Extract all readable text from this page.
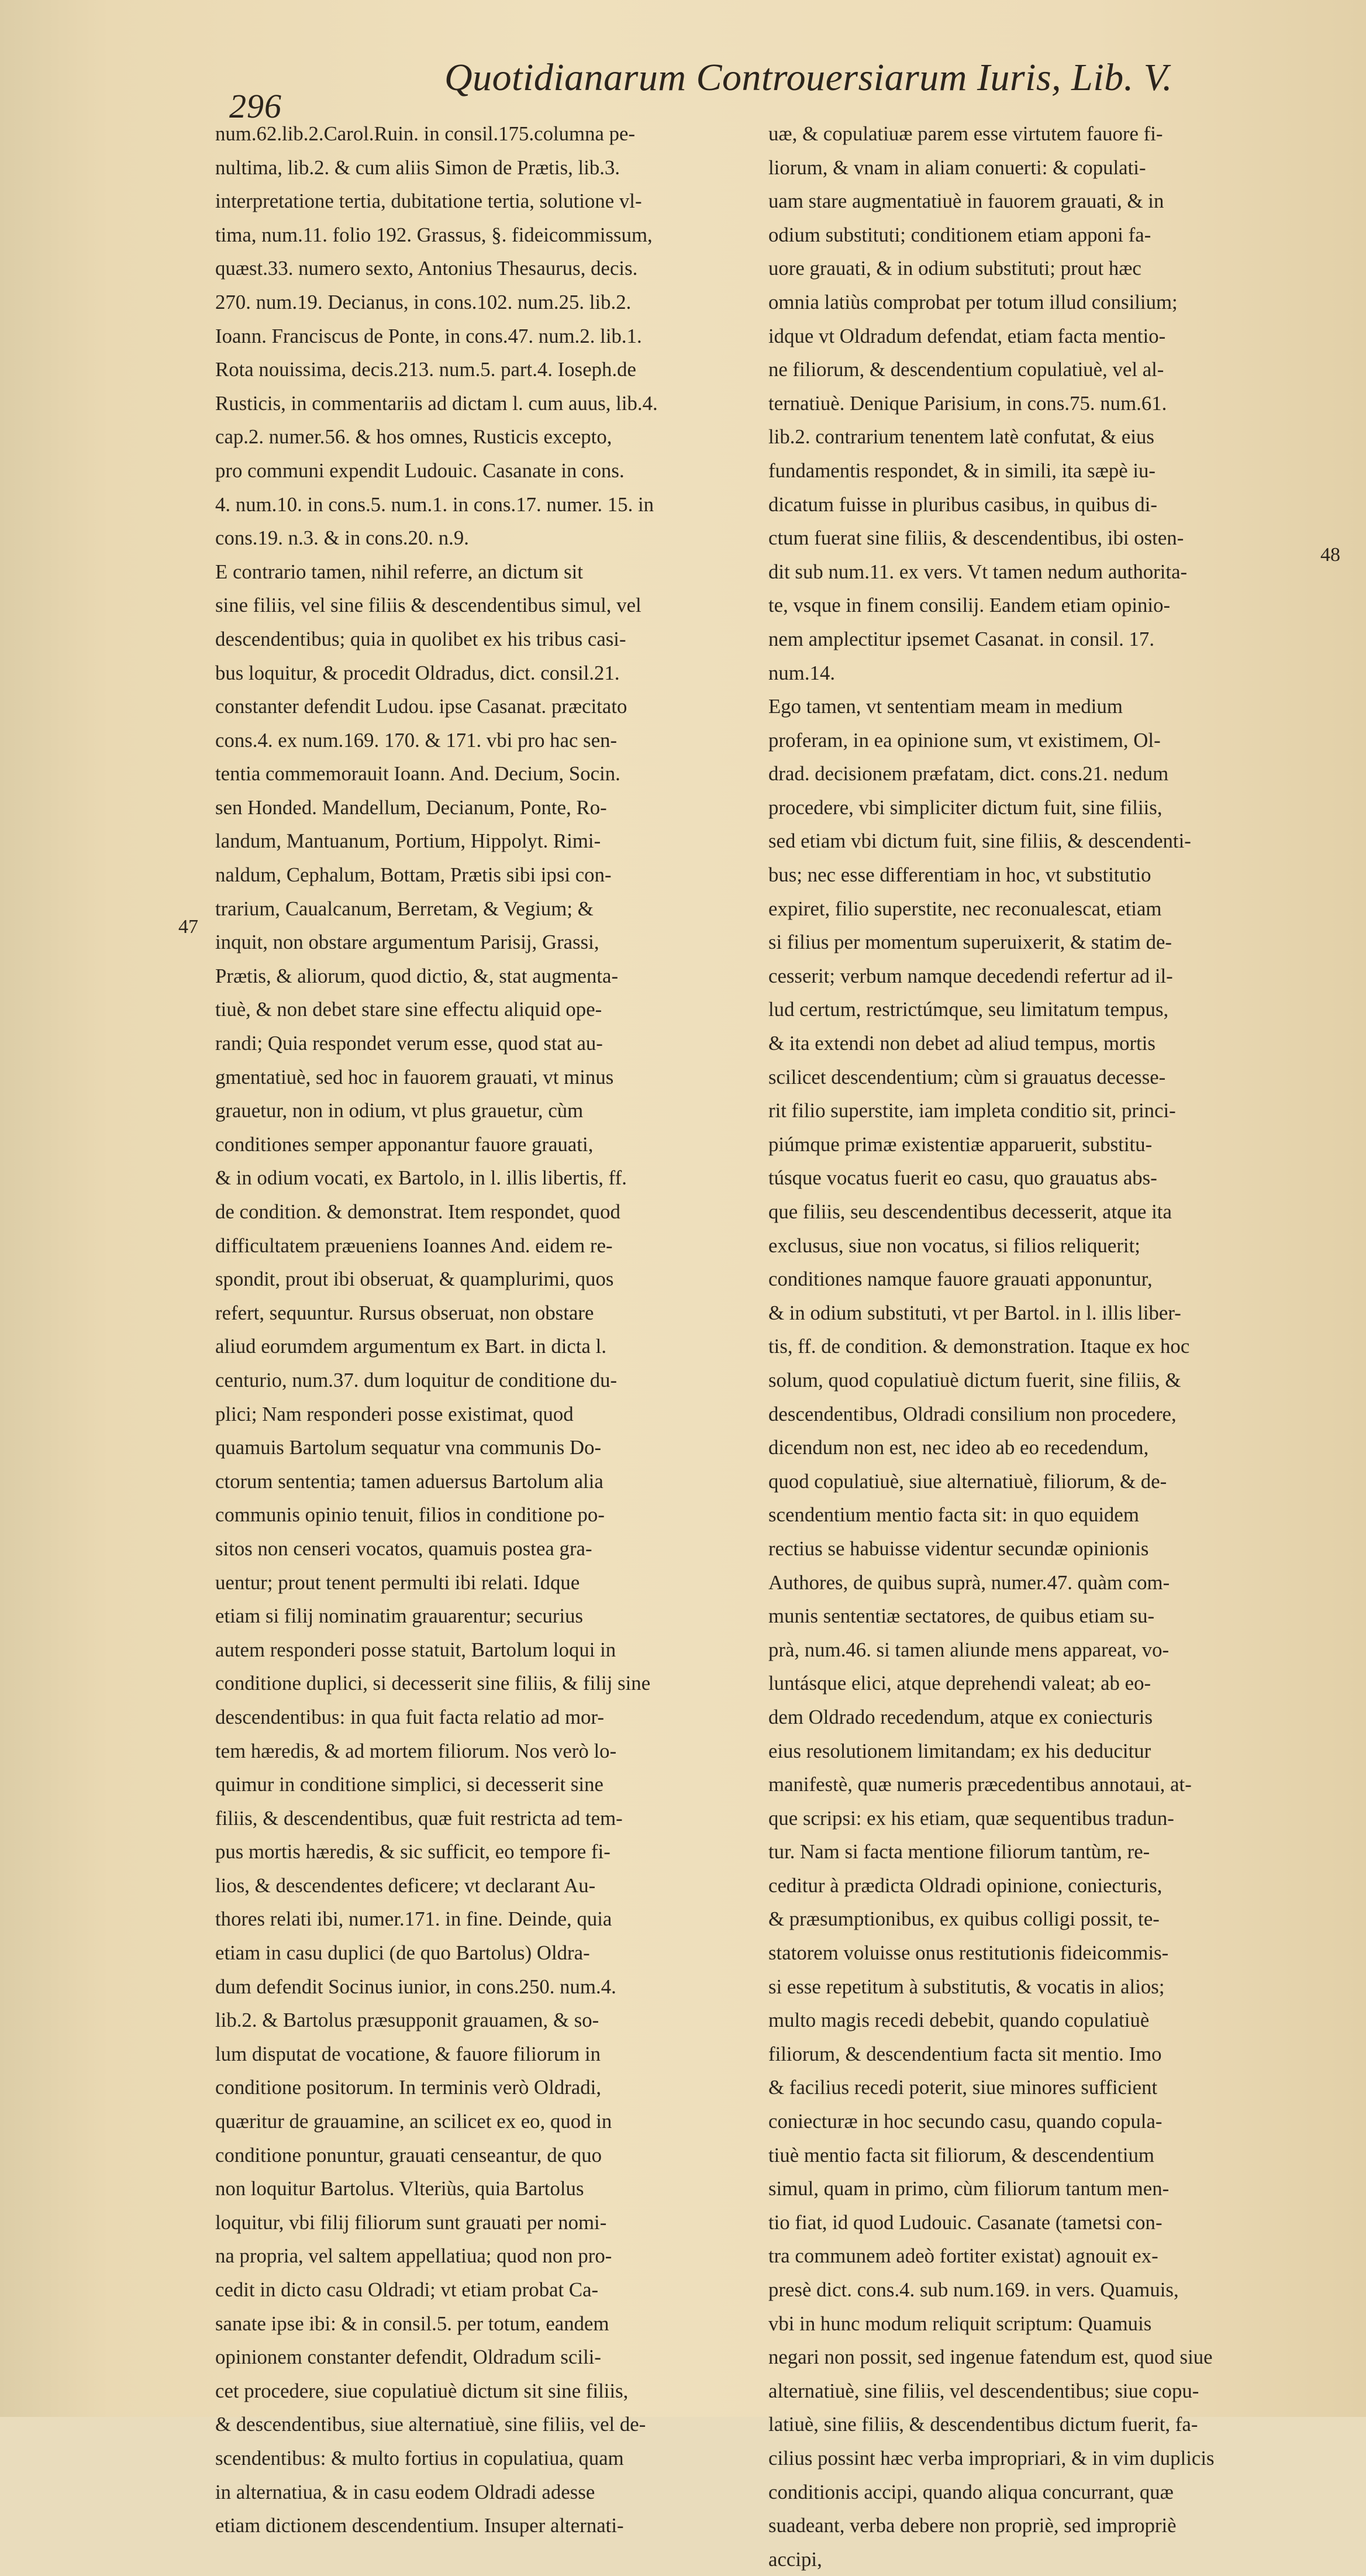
296
Quotidianarum Controuersiarum Iuris, Lib. V.
47
48
num.62.lib.2.Carol.Ruin. in consil.175.columna pe-
nultima, lib.2. & cum aliis Simon de Prætis, lib.3.
interpretatione tertia, dubitatione tertia, solutione vl-
tima, num.11. folio 192. Grassus, §. fideicommissum,
quæst.33. numero sexto, Antonius Thesaurus, decis.
270. num.19. Decianus, in cons.102. num.25. lib.2.
Ioann. Franciscus de Ponte, in cons.47. num.2. lib.1.
Rota nouissima, decis.213. num.5. part.4. Ioseph.de
Rusticis, in commentariis ad dictam l. cum auus, lib.4.
cap.2. numer.56. & hos omnes, Rusticis excepto,
pro communi expendit Ludouic. Casanate in cons.
4. num.10. in cons.5. num.1. in cons.17. numer. 15. in
cons.19. n.3. & in cons.20. n.9.
E contrario tamen, nihil referre, an dictum sit
sine filiis, vel sine filiis & descendentibus simul, vel
descendentibus; quia in quolibet ex his tribus casi-
bus loquitur, & procedit Oldradus, dict. consil.21.
constanter defendit Ludou. ipse Casanat. præcitato
cons.4. ex num.169. 170. & 171. vbi pro hac sen-
tentia commemorauit Ioann. And. Decium, Socin.
sen Honded. Mandellum, Decianum, Ponte, Ro-
landum, Mantuanum, Portium, Hippolyt. Rimi-
naldum, Cephalum, Bottam, Prætis sibi ipsi con-
trarium, Caualcanum, Berretam, & Vegium; &
inquit, non obstare argumentum Parisij, Grassi,
Prætis, & aliorum, quod dictio, &, stat augmenta-
tiuè, & non debet stare sine effectu aliquid ope-
randi; Quia respondet verum esse, quod stat au-
gmentatiuè, sed hoc in fauorem grauati, vt minus
grauetur, non in odium, vt plus grauetur, cùm
conditiones semper apponantur fauore grauati,
& in odium vocati, ex Bartolo, in l. illis libertis, ff.
de condition. & demonstrat. Item respondet, quod
difficultatem præueniens Ioannes And. eidem re-
spondit, prout ibi obseruat, & quamplurimi, quos
refert, sequuntur. Rursus obseruat, non obstare
aliud eorumdem argumentum ex Bart. in dicta l.
centurio, num.37. dum loquitur de conditione du-
plici; Nam responderi posse existimat, quod
quamuis Bartolum sequatur vna communis Do-
ctorum sententia; tamen aduersus Bartolum alia
communis opinio tenuit, filios in conditione po-
sitos non censeri vocatos, quamuis postea gra-
uentur; prout tenent permulti ibi relati. Idque
etiam si filij nominatim grauarentur; securius
autem responderi posse statuit, Bartolum loqui in
conditione duplici, si decesserit sine filiis, & filij sine
descendentibus: in qua fuit facta relatio ad mor-
tem hæredis, & ad mortem filiorum. Nos verò lo-
quimur in conditione simplici, si decesserit sine
filiis, & descendentibus, quæ fuit restricta ad tem-
pus mortis hæredis, & sic sufficit, eo tempore fi-
lios, & descendentes deficere; vt declarant Au-
thores relati ibi, numer.171. in fine. Deinde, quia
etiam in casu duplici (de quo Bartolus) Oldra-
dum defendit Socinus iunior, in cons.250. num.4.
lib.2. & Bartolus præsupponit grauamen, & so-
lum disputat de vocatione, & fauore filiorum in
conditione positorum. In terminis verò Oldradi,
quæritur de grauamine, an scilicet ex eo, quod in
conditione ponuntur, grauati censeantur, de quo
non loquitur Bartolus. Vlteriùs, quia Bartolus
loquitur, vbi filij filiorum sunt grauati per nomi-
na propria, vel saltem appellatiua; quod non pro-
cedit in dicto casu Oldradi; vt etiam probat Ca-
sanate ipse ibi: & in consil.5. per totum, eandem
opinionem constanter defendit, Oldradum scili-
cet procedere, siue copulatiuè dictum sit sine filiis,
& descendentibus, siue alternatiuè, sine filiis, vel de-
scendentibus: & multo fortius in copulatiua, quam
in alternatiua, & in casu eodem Oldradi adesse
etiam dictionem descendentium. Insuper alternati-
uæ, & copulatiuæ parem esse virtutem fauore fi-
liorum, & vnam in aliam conuerti: & copulati-
uam stare augmentatiuè in fauorem grauati, & in
odium substituti; conditionem etiam apponi fa-
uore grauati, & in odium substituti; prout hæc
omnia latiùs comprobat per totum illud consilium;
idque vt Oldradum defendat, etiam facta mentio-
ne filiorum, & descendentium copulatiuè, vel al-
ternatiuè. Denique Parisium, in cons.75. num.61.
lib.2. contrarium tenentem latè confutat, & eius
fundamentis respondet, & in simili, ita sæpè iu-
dicatum fuisse in pluribus casibus, in quibus di-
ctum fuerat sine filiis, & descendentibus, ibi osten-
dit sub num.11. ex vers. Vt tamen nedum authorita-
te, vsque in finem consilij. Eandem etiam opinio-
nem amplectitur ipsemet Casanat. in consil. 17.
num.14.
Ego tamen, vt sententiam meam in medium
proferam, in ea opinione sum, vt existimem, Ol-
drad. decisionem præfatam, dict. cons.21. nedum
procedere, vbi simpliciter dictum fuit, sine filiis,
sed etiam vbi dictum fuit, sine filiis, & descendenti-
bus; nec esse differentiam in hoc, vt substitutio
expiret, filio superstite, nec reconualescat, etiam
si filius per momentum superuixerit, & statim de-
cesserit; verbum namque decedendi refertur ad il-
lud certum, restrictúmque, seu limitatum tempus,
& ita extendi non debet ad aliud tempus, mortis
scilicet descendentium; cùm si grauatus decesse-
rit filio superstite, iam impleta conditio sit, princi-
piúmque primæ existentiæ apparuerit, substitu-
túsque vocatus fuerit eo casu, quo grauatus abs-
que filiis, seu descendentibus decesserit, atque ita
exclusus, siue non vocatus, si filios reliquerit;
conditiones namque fauore grauati apponuntur,
& in odium substituti, vt per Bartol. in l. illis liber-
tis, ff. de condition. & demonstration. Itaque ex hoc
solum, quod copulatiuè dictum fuerit, sine filiis, &
descendentibus, Oldradi consilium non procedere,
dicendum non est, nec ideo ab eo recedendum,
quod copulatiuè, siue alternatiuè, filiorum, & de-
scendentium mentio facta sit: in quo equidem
rectius se habuisse videntur secundæ opinionis
Authores, de quibus suprà, numer.47. quàm com-
munis sententiæ sectatores, de quibus etiam su-
prà, num.46. si tamen aliunde mens appareat, vo-
luntásque elici, atque deprehendi valeat; ab eo-
dem Oldrado recedendum, atque ex coniecturis
eius resolutionem limitandam; ex his deducitur
manifestè, quæ numeris præcedentibus annotaui, at-
que scripsi: ex his etiam, quæ sequentibus tradun-
tur. Nam si facta mentione filiorum tantùm, re-
ceditur à prædicta Oldradi opinione, coniecturis,
& præsumptionibus, ex quibus colligi possit, te-
statorem voluisse onus restitutionis fideicommis-
si esse repetitum à substitutis, & vocatis in alios;
multo magis recedi debebit, quando copulatiuè
filiorum, & descendentium facta sit mentio. Imo
& facilius recedi poterit, siue minores sufficient
coniecturæ in hoc secundo casu, quando copula-
tiuè mentio facta sit filiorum, & descendentium
simul, quam in primo, cùm filiorum tantum men-
tio fiat, id quod Ludouic. Casanate (tametsi con-
tra communem adeò fortiter existat) agnouit ex-
presè dict. cons.4. sub num.169. in vers. Quamuis,
vbi in hunc modum reliquit scriptum: Quamuis
negari non possit, sed ingenue fatendum est, quod siue
alternatiuè, sine filiis, vel descendentibus; siue copu-
latiuè, sine filiis, & descendentibus dictum fuerit, fa-
cilius possint hæc verba impropriari, & in vim duplicis
conditionis accipi, quando aliqua concurrant, quæ
suadeant, verba debere non propriè, sed impropriè
accipi,
